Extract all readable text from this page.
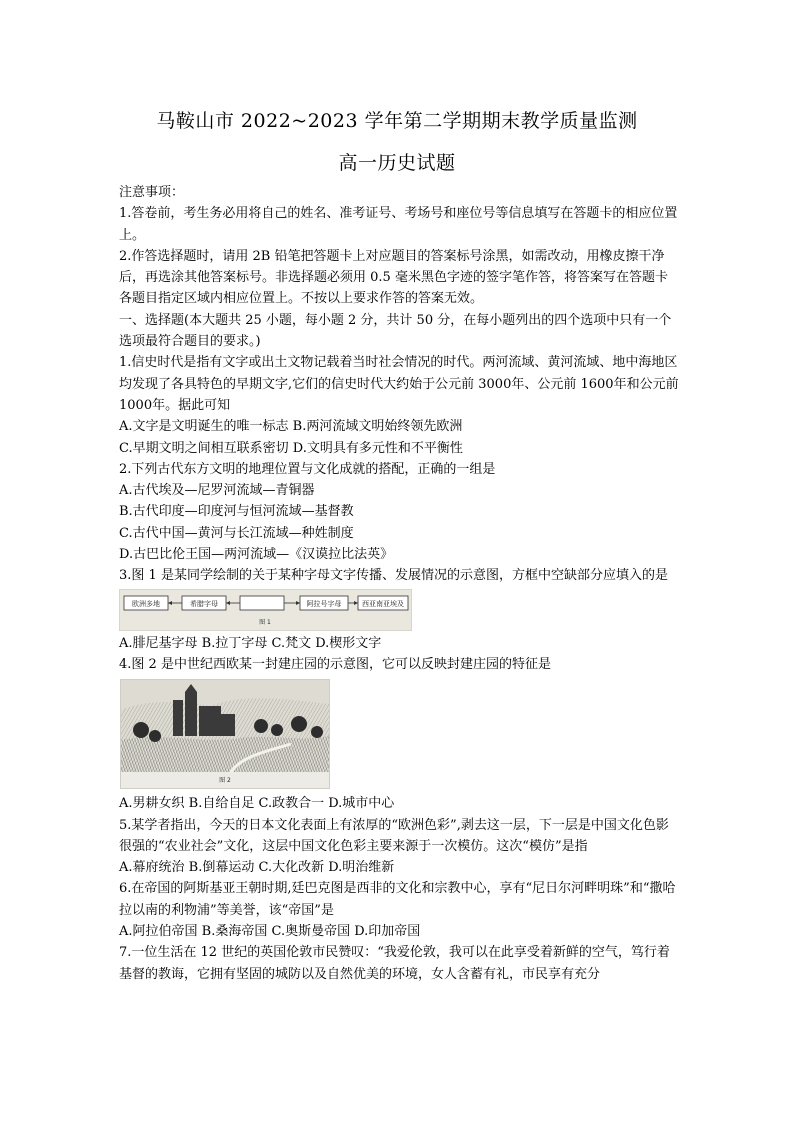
马鞍山市 2022~2023 学年第二学期期末教学质量监测
高一历史试题

注意事项：

1.答卷前，考生务必用将自己的姓名、准考证号、考场号和座位号等信息填写在答题卡的相应位置上。

2.作答选择题时，请用 2B 铅笔把答题卡上对应题目的答案标号涂黑，如需改动，用橡皮擦干净后，再选涂其他答案标号。非选择题必须用 0.5 毫米黑色字迹的签字笔作答，将答案写在答题卡各题目指定区域内相应位置上。不按以上要求作答的答案无效。

一、选择题(本大题共 25 小题，每小题 2 分，共计 50 分，在每小题列出的四个选项中只有一个选项最符合题目的要求。)

1.信史时代是指有文字或出土文物记载着当时社会情况的时代。两河流域、黄河流域、地中海地区均发现了各具特色的早期文字,它们的信史时代大约始于公元前 3000年、公元前 1600年和公元前 1000年。据此可知

A.文字是文明诞生的唯一标志 B.两河流域文明始终领先欧洲

C.早期文明之间相互联系密切 D.文明具有多元性和不平衡性

2.下列古代东方文明的地理位置与文化成就的搭配，正确的一组是

A.古代埃及—尼罗河流域—青铜器

B.古代印度—印度河与恒河流域—基督教

C.古代中国—黄河与长江流域—种姓制度

D.古巴比伦王国—两河流域—《汉谟拉比法英》

3.图 1 是某同学绘制的关于某种字母文字传播、发展情况的示意图，方框中空缺部分应填入的是

欧洲多地	希腊字母	阿拉号字母	西亚南亚埃及
图 1

A.腓尼基字母 B.拉丁字母 C.梵文 D.楔形文字

4.图 2 是中世纪西欧某一封建庄园的示意图，它可以反映封建庄园的特征是

图 2

A.男耕女织 B.自给自足 C.政教合一 D.城市中心

5.某学者指出，今天的日本文化表面上有浓厚的“欧洲色彩”,剥去这一层，下一层是中国文化色影很强的“农业社会”文化，这层中国文化色彩主要来源于一次模仿。这次“模仿”是指

A.幕府统治 B.倒幕运动 C.大化改新 D.明治维新

6.在帝国的阿斯基亚王朝时期,廷巴克图是西非的文化和宗教中心，享有“尼日尔河畔明珠”和“撒哈拉以南的利物浦”等美誉，该“帝国”是

A.阿拉伯帝国 B.桑海帝国 C.奥斯曼帝国 D.印加帝国

7.一位生活在 12 世纪的英国伦敦市民赞叹：“我爱伦敦，我可以在此享受着新鲜的空气，笃行着基督的教诲，它拥有坚固的城防以及自然优美的环境，女人含蓄有礼，市民享有充分
